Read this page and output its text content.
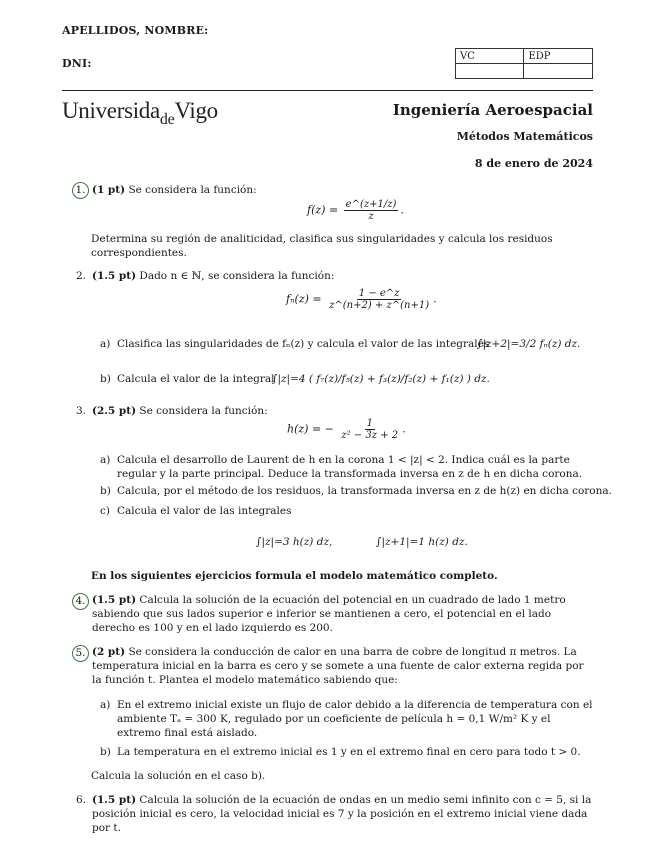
APELLIDOS, NOMBRE:
DNI:
VC	EDP

Universida$_{de}$Vigo	Ingeniería Aeroespacial
Métodos Matemáticos
8 de enero de 2024
1. (1 pt) Se considera la función:
$f(z) = \frac{e\^{}(z+1/z)}{z}$ .
Determina su región de analiticidad, clasifica sus singularidades y calcula los residuos correspondientes.
2. (1.5 pt) Dado n ∈ ℕ, se considera la función:
$f_n(z) = \frac{1 - e\^{}z}{z\^{}(n+2) + z\^{}(n+1)}$ .
a) Clasifica las singularidades de fₙ(z) y calcula el valor de las integrales
∫|z+2|=3/2 fₙ(z) dz.
b) Calcula el valor de la integral
∫|z|=4 ( f₇(z)/f₅(z) + f₃(z)/f₂(z) + f₁(z) ) dz.
3. (2.5 pt) Se considera la función:
h(z) = − $\frac{1}{\text{z² − 3z + 2}}$ .
a) Calcula el desarrollo de Laurent de h en la corona 1 < |z| < 2. Indica cuál es la parte regular y la parte principal. Deduce la transformada inversa en z de h en dicha corona.
b) Calcula, por el método de los residuos, la transformada inversa en z de h(z) en dicha corona.
c) Calcula el valor de las integrales
∫|z|=3 h(z) dz,	∫|z+1|=1 h(z) dz.
En los siguientes ejercicios formula el modelo matemático completo.
4. (1.5 pt) Calcula la solución de la ecuación del potencial en un cuadrado de lado 1 metro sabiendo que sus lados superior e inferior se mantienen a cero, el potencial en el lado derecho es 100 y en el lado izquierdo es 200.
5. (2 pt) Se considera la conducción de calor en una barra de cobre de longitud π metros. La temperatura inicial en la barra es cero y se somete a una fuente de calor externa regida por la función t. Plantea el modelo matemático sabiendo que:
a) En el extremo inicial existe un flujo de calor debido a la diferencia de temperatura con el ambiente Tₐ = 300 K, regulado por un coeficiente de película h = 0,1 W/m² K y el extremo final está aislado.
b) La temperatura en el extremo inicial es 1 y en el extremo final en cero para todo t > 0.
Calcula la solución en el caso b).
6. (1.5 pt) Calcula la solución de la ecuación de ondas en un medio semi infinito con c = 5, si la posición inicial es cero, la velocidad inicial es 7 y la posición en el extremo inicial viene dada por t.
